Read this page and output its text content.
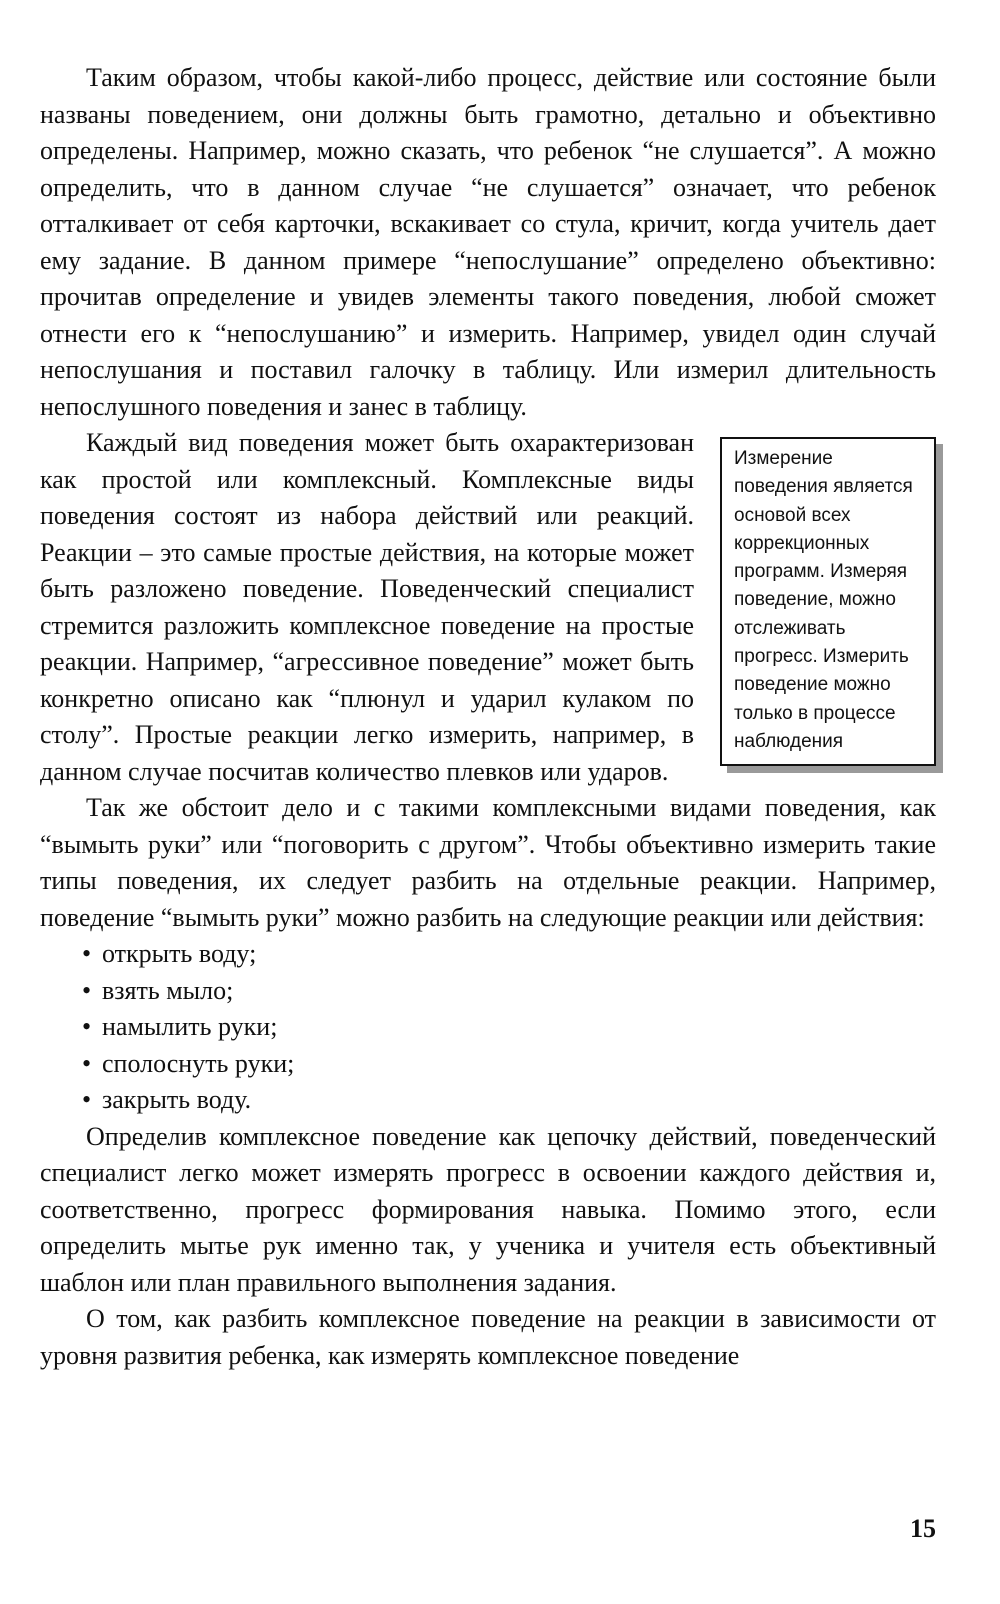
Таким образом, чтобы какой-либо процесс, действие или состояние были названы поведением, они должны быть грамотно, детально и объективно определены. Например, можно сказать, что ребенок “не слушается”. А можно определить, что в данном случае “не слушается” означает, что ребенок отталкивает от себя карточки, вскакивает со стула, кричит, когда учитель дает ему задание. В данном примере “непослушание” определено объективно: прочитав определение и увидев элементы такого поведения, любой сможет отнести его к “непослушанию” и измерить. Например, увидел один случай непослушания и поставил галочку в таблицу. Или измерил длительность непослушного поведения и занес в таблицу.

Измерение поведения является основой всех коррекционных программ. Измеряя поведение, можно отслеживать прогресс. Измерить поведение можно только в процессе наблюдения

Каждый вид поведения может быть охарактеризован как простой или комплексный. Комплексные виды поведения состоят из набора действий или реакций. Реакции – это самые простые действия, на которые может быть разложено поведение. Поведенческий специалист стремится разложить комплексное поведение на простые реакции. Например, “агрессивное поведение” может быть конкретно описано как “плюнул и ударил кулаком по столу”. Простые реакции легко измерить, например, в данном случае посчитав количество плевков или ударов.

Так же обстоит дело и с такими комплексными видами поведения, как “вымыть руки” или “поговорить с другом”. Чтобы объективно измерить такие типы поведения, их следует разбить на отдельные реакции. Например, поведение “вымыть руки” можно разбить на следующие реакции или действия:

• открыть воду;
• взять мыло;
• намылить руки;
• сполоснуть руки;
• закрыть воду.

Определив комплексное поведение как цепочку действий, поведенческий специалист легко может измерять прогресс в освоении каждого действия и, соответственно, прогресс формирования навыка. Помимо этого, если определить мытье рук именно так, у ученика и учителя есть объективный шаблон или план правильного выполнения задания.

О том, как разбить комплексное поведение на реакции в зависимости от уровня развития ребенка, как измерять комплексное поведение

15
